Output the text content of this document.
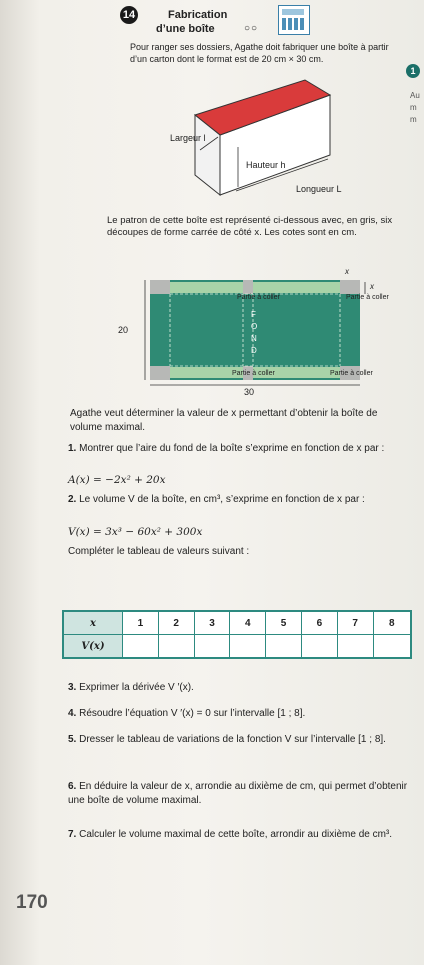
14	Fabrication
d’une boîte	○○
Pour ranger ses dossiers, Agathe doit fabriquer une boîte à partir d’un carton dont le format est de 20 cm × 30 cm.
1
Au m m
Largeur l
Hauteur h
Longueur L
Le patron de cette boîte est représenté ci-dessous avec, en gris, six découpes de forme carrée de côté x. Les cotes sont en cm.
Partie à coller	Partie à coller
Partie à coller	Partie à coller
F
O
N
D
x
x
20
30
Agathe veut déterminer la valeur de x permettant d’obtenir la boîte de volume maximal.
1. Montrer que l’aire du fond de la boîte s’exprime en fonction de x par :
A(x) = −2x² + 20x
2. Le volume V de la boîte, en cm³, s’exprime en fonction de x par :
V(x) = 3x³ − 60x² + 300x
Compléter le tableau de valeurs suivant :
x	1	2	3	4	5	6	7	8
V(x)								
3. Exprimer la dérivée V ′(x).
4. Résoudre l’équation V ′(x) = 0 sur l’intervalle [1 ; 8].
5. Dresser le tableau de variations de la fonction V sur l’intervalle [1 ; 8].
6. En déduire la valeur de x, arrondie au dixième de cm, qui permet d’obtenir une boîte de volume maximal.
7. Calculer le volume maximal de cette boîte, arrondir au dixième de cm³.
170
